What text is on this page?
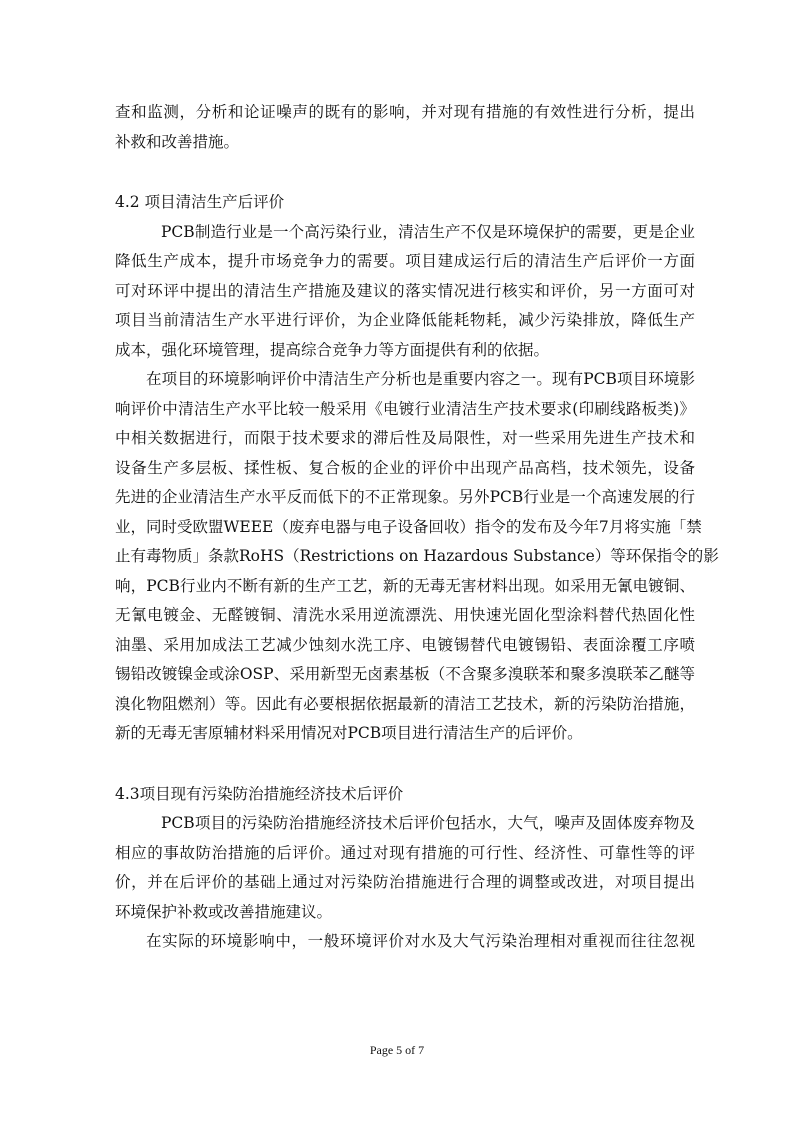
查和监测，分析和论证噪声的既有的影响，并对现有措施的有效性进行分析，提出
补救和改善措施。
4.2 项目清洁生产后评价
PCB制造行业是一个高污染行业，清洁生产不仅是环境保护的需要，更是企业
降低生产成本，提升市场竞争力的需要。项目建成运行后的清洁生产后评价一方面
可对环评中提出的清洁生产措施及建议的落实情况进行核实和评价，另一方面可对
项目当前清洁生产水平进行评价，为企业降低能耗物耗，减少污染排放，降低生产
成本，强化环境管理，提高综合竞争力等方面提供有利的依据。
在项目的环境影响评价中清洁生产分析也是重要内容之一。现有PCB项目环境影
响评价中清洁生产水平比较一般采用《电镀行业清洁生产技术要求(印刷线路板类)》
中相关数据进行，而限于技术要求的滞后性及局限性，对一些采用先进生产技术和
设备生产多层板、揉性板、复合板的企业的评价中出现产品高档，技术领先，设备
先进的企业清洁生产水平反而低下的不正常现象。另外PCB行业是一个高速发展的行
业，同时受欧盟WEEE（废弃电器与电子设备回收）指令的发布及今年7月将实施「禁
止有毒物质」条款RoHS（Restrictions on Hazardous Substance）等环保指令的影
响，PCB行业内不断有新的生产工艺，新的无毒无害材料出现。如采用无氰电镀铜、
无氰电镀金、无醛镀铜、清洗水采用逆流漂洗、用快速光固化型涂料替代热固化性
油墨、采用加成法工艺减少蚀刻水洗工序、电镀锡替代电镀锡铅、表面涂覆工序喷
锡铅改镀镍金或涂OSP、采用新型无卤素基板（不含聚多溴联苯和聚多溴联苯乙醚等
溴化物阻燃剂）等。因此有必要根据依据最新的清洁工艺技术，新的污染防治措施，
新的无毒无害原辅材料采用情况对PCB项目进行清洁生产的后评价。
4.3项目现有污染防治措施经济技术后评价
PCB项目的污染防治措施经济技术后评价包括水，大气，噪声及固体废弃物及
相应的事故防治措施的后评价。通过对现有措施的可行性、经济性、可靠性等的评
价，并在后评价的基础上通过对污染防治措施进行合理的调整或改进，对项目提出
环境保护补救或改善措施建议。
在实际的环境影响中，一般环境评价对水及大气污染治理相对重视而往往忽视
Page 5 of 7
